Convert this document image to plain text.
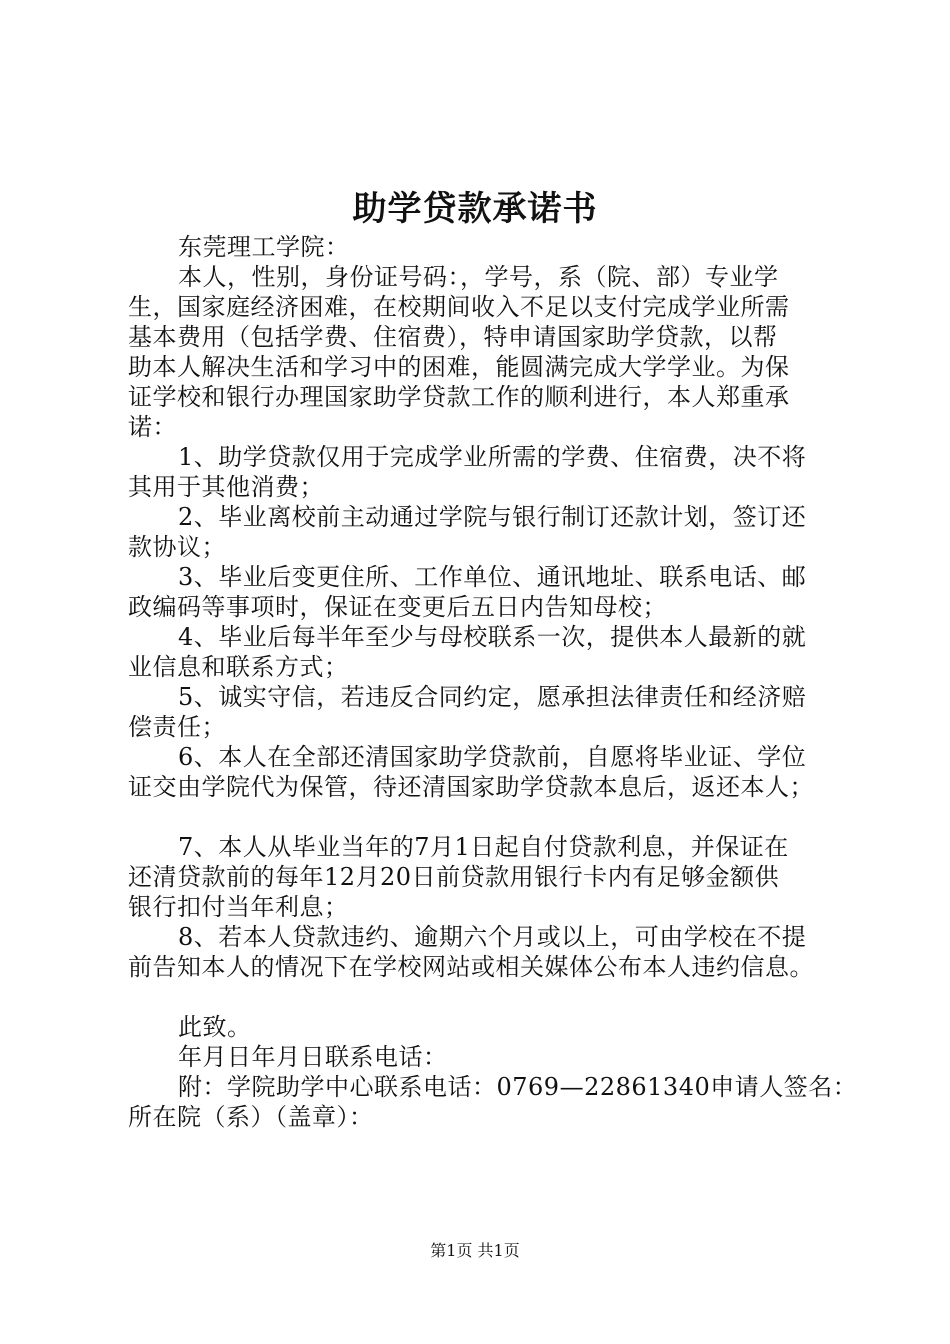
助学贷款承诺书
东莞理工学院：
本人，性别，身份证号码：，学号，系（院、部）专业学
生，国家庭经济困难，在校期间收入不足以支付完成学业所需
基本费用（包括学费、住宿费），特申请国家助学贷款，以帮
助本人解决生活和学习中的困难，能圆满完成大学学业。为保
证学校和银行办理国家助学贷款工作的顺利进行，本人郑重承
诺：
1、助学贷款仅用于完成学业所需的学费、住宿费，决不将
其用于其他消费；
2、毕业离校前主动通过学院与银行制订还款计划，签订还
款协议；
3、毕业后变更住所、工作单位、通讯地址、联系电话、邮
政编码等事项时，保证在变更后五日内告知母校；
4、毕业后每半年至少与母校联系一次，提供本人最新的就
业信息和联系方式；
5、诚实守信，若违反合同约定，愿承担法律责任和经济赔
偿责任；
6、本人在全部还清国家助学贷款前，自愿将毕业证、学位
证交由学院代为保管，待还清国家助学贷款本息后，返还本人；
7、本人从毕业当年的7月1日起自付贷款利息，并保证在
还清贷款前的每年12月20日前贷款用银行卡内有足够金额供
银行扣付当年利息；
8、若本人贷款违约、逾期六个月或以上，可由学校在不提
前告知本人的情况下在学校网站或相关媒体公布本人违约信息。
此致。
年月日年月日联系电话：
附：学院助学中心联系电话：0769—22861340申请人签名：
所在院（系）（盖章）：
第1页 共1页
